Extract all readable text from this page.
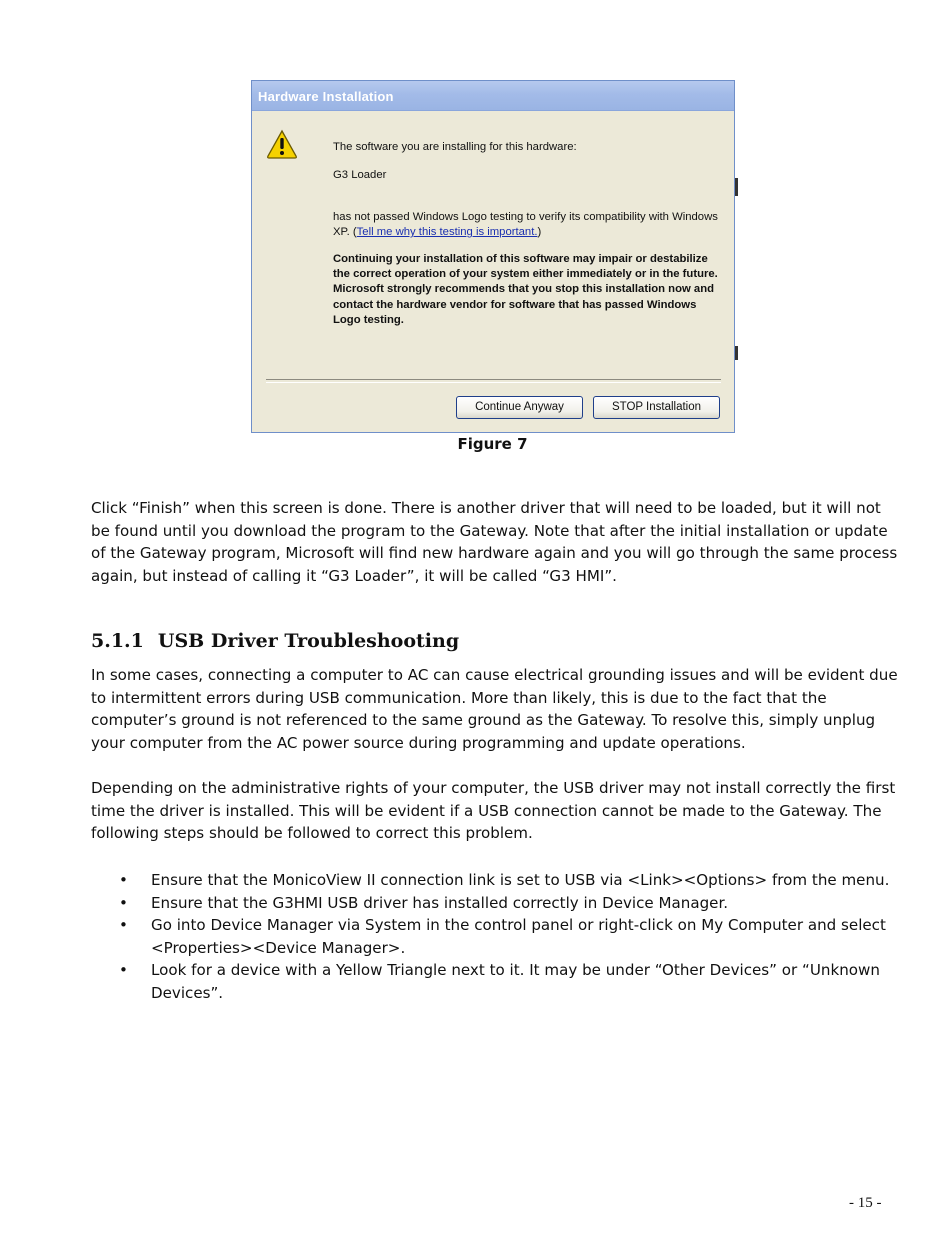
Hardware Installation
The software you are installing for this hardware:
G3 Loader
has not passed Windows Logo testing to verify its compatibility with Windows XP. (Tell me why this testing is important.)
Continuing your installation of this software may impair or destabilize the correct operation of your system either immediately or in the future. Microsoft strongly recommends that you stop this installation now and contact the hardware vendor for software that has passed Windows Logo testing.
Continue Anyway	STOP Installation
Figure 7
Click “Finish” when this screen is done. There is another driver that will need to be loaded, but it will not be found until you download the program to the Gateway. Note that after the initial installation or update of the Gateway program, Microsoft will find new hardware again and you will go through the same process again, but instead of calling it “G3 Loader”, it will be called “G3 HMI”.
5.1.1 USB Driver Troubleshooting
In some cases, connecting a computer to AC can cause electrical grounding issues and will be evident due to intermittent errors during USB communication. More than likely, this is due to the fact that the computer’s ground is not referenced to the same ground as the Gateway. To resolve this, simply unplug your computer from the AC power source during programming and update operations.
Depending on the administrative rights of your computer, the USB driver may not install correctly the first time the driver is installed. This will be evident if a USB connection cannot be made to the Gateway. The following steps should be followed to correct this problem.
• Ensure that the MonicoView II connection link is set to USB via <Link><Options> from the menu.
• Ensure that the G3HMI USB driver has installed correctly in Device Manager.
• Go into Device Manager via System in the control panel or right-click on My Computer and select <Properties><Device Manager>.
• Look for a device with a Yellow Triangle next to it. It may be under “Other Devices” or “Unknown Devices”.
- 15 -
